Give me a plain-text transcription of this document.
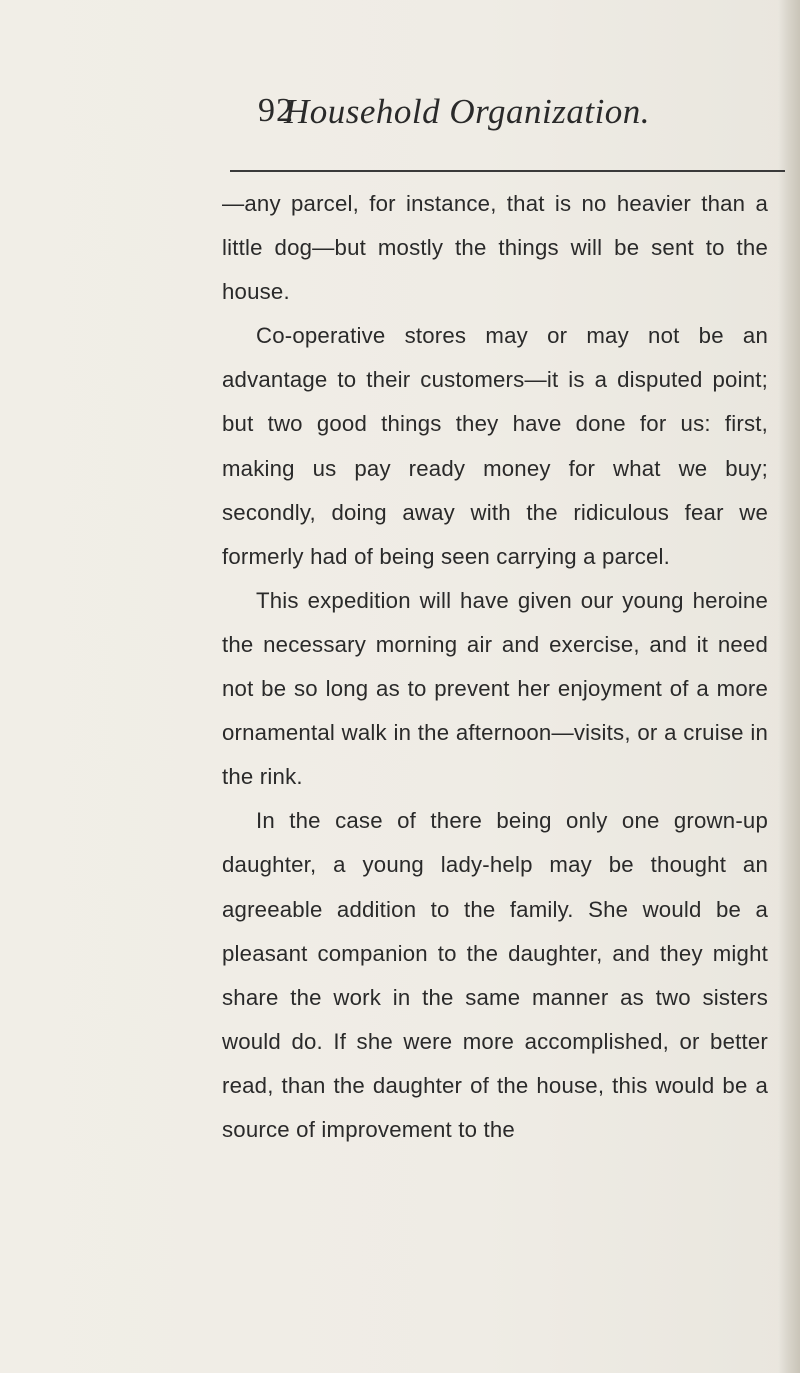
92
Household Organization.

—any parcel, for instance, that is no heavier than a little dog—but mostly the things will be sent to the house.

Co-operative stores may or may not be an advantage to their customers—it is a disputed point; but two good things they have done for us: first, making us pay ready money for what we buy; secondly, doing away with the ridiculous fear we formerly had of being seen carrying a parcel.

This expedition will have given our young heroine the necessary morning air and exercise, and it need not be so long as to prevent her enjoyment of a more ornamental walk in the afternoon—visits, or a cruise in the rink.

In the case of there being only one grown-up daughter, a young lady-help may be thought an agreeable addition to the family. She would be a pleasant companion to the daughter, and they might share the work in the same manner as two sisters would do. If she were more accomplished, or better read, than the daughter of the house, this would be a source of improvement to the
